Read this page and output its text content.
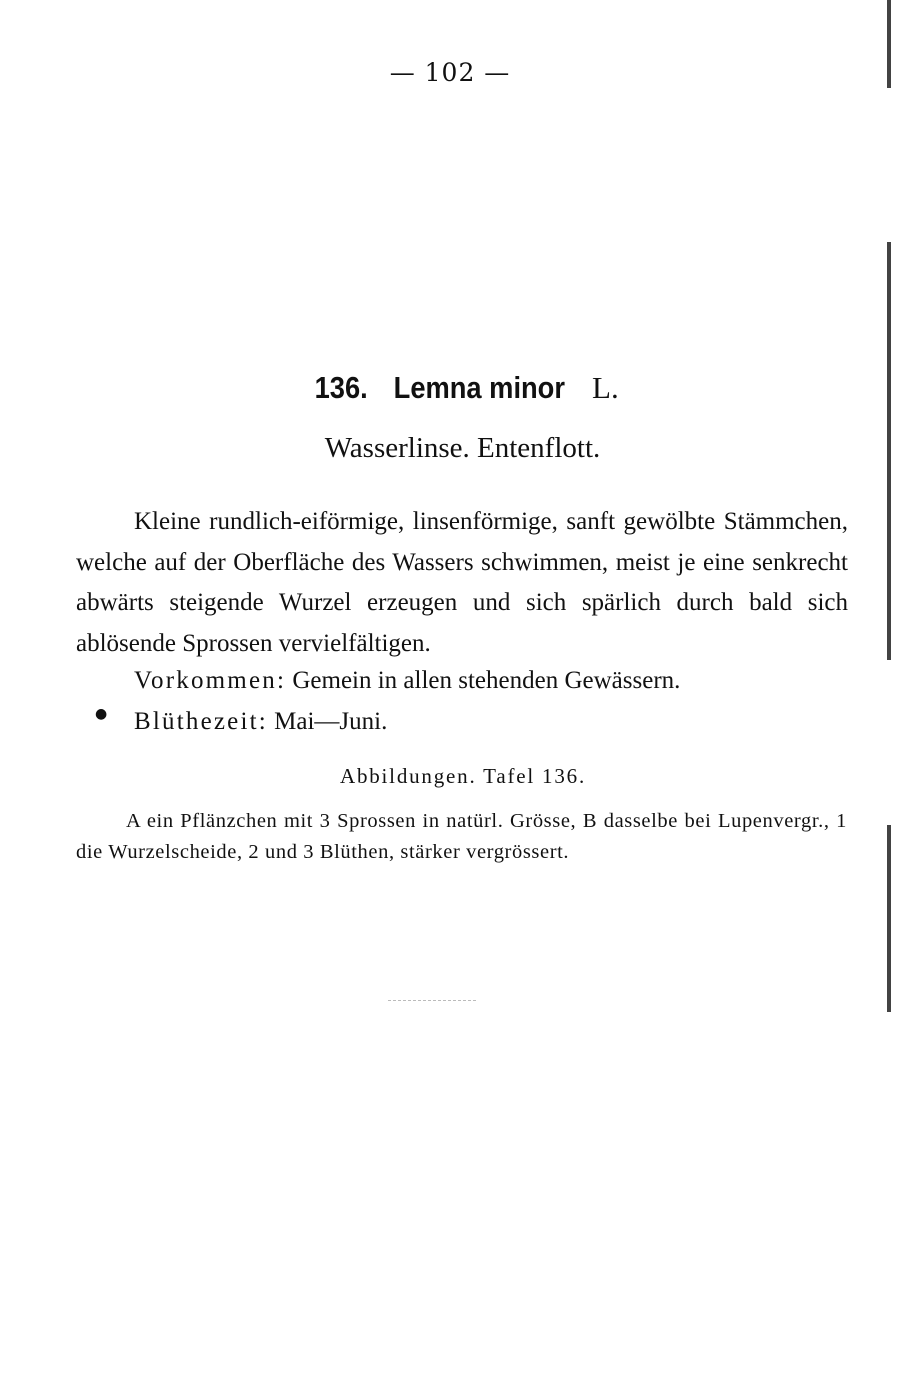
— 102 —
136. Lemna minor L.
Wasserlinse. Entenflott.
Kleine rundlich-eiförmige, linsenförmige, sanft gewölbte Stämmchen, welche auf der Oberfläche des Wassers schwimmen, meist je eine senkrecht abwärts steigende Wurzel erzeugen und sich spärlich durch bald sich ablösende Sprossen vervielfältigen.
Vorkommen: Gemein in allen stehenden Gewässern.
● Blüthezeit: Mai—Juni.
Abbildungen. Tafel 136.
A ein Pflänzchen mit 3 Sprossen in natürl. Grösse, B dasselbe bei Lupenvergr., 1 die Wurzelscheide, 2 und 3 Blüthen, stärker vergrössert.
